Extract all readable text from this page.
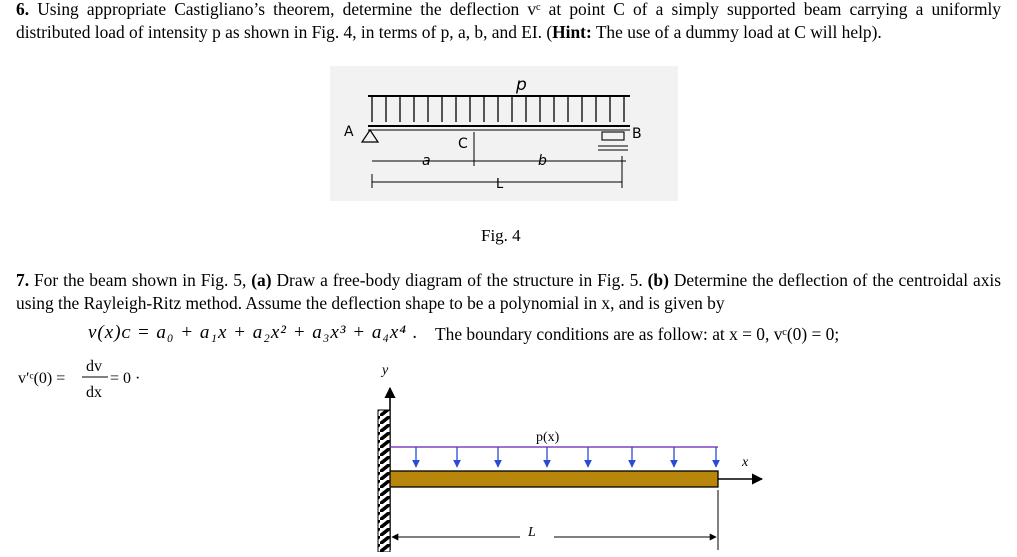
6. Using appropriate Castigliano’s theorem, determine the deflection vᶜ at point C of a simply supported beam carrying a uniformly distributed load of intensity p as shown in Fig. 4, in terms of p, a, b, and EI. (Hint: The use of a dummy load at C will help).
p
A	B
C
a	b
L
Fig. 4
7. For the beam shown in Fig. 5, (a) Draw a free-body diagram of the structure in Fig. 5. (b) Determine the deflection of the centroidal axis using the Rayleigh-Ritz method. Assume the deflection shape to be a polynomial in x, and is given by
v(x)ᴄ = a₀ + a₁x + a₂x² + a₃x³ + a₄x⁴ . The boundary conditions are as follow: at x = 0, vᶜ(0) = 0;
v′ᶜ(0) =
dv
dx
= 0 ·	y
p(x)
x
L
